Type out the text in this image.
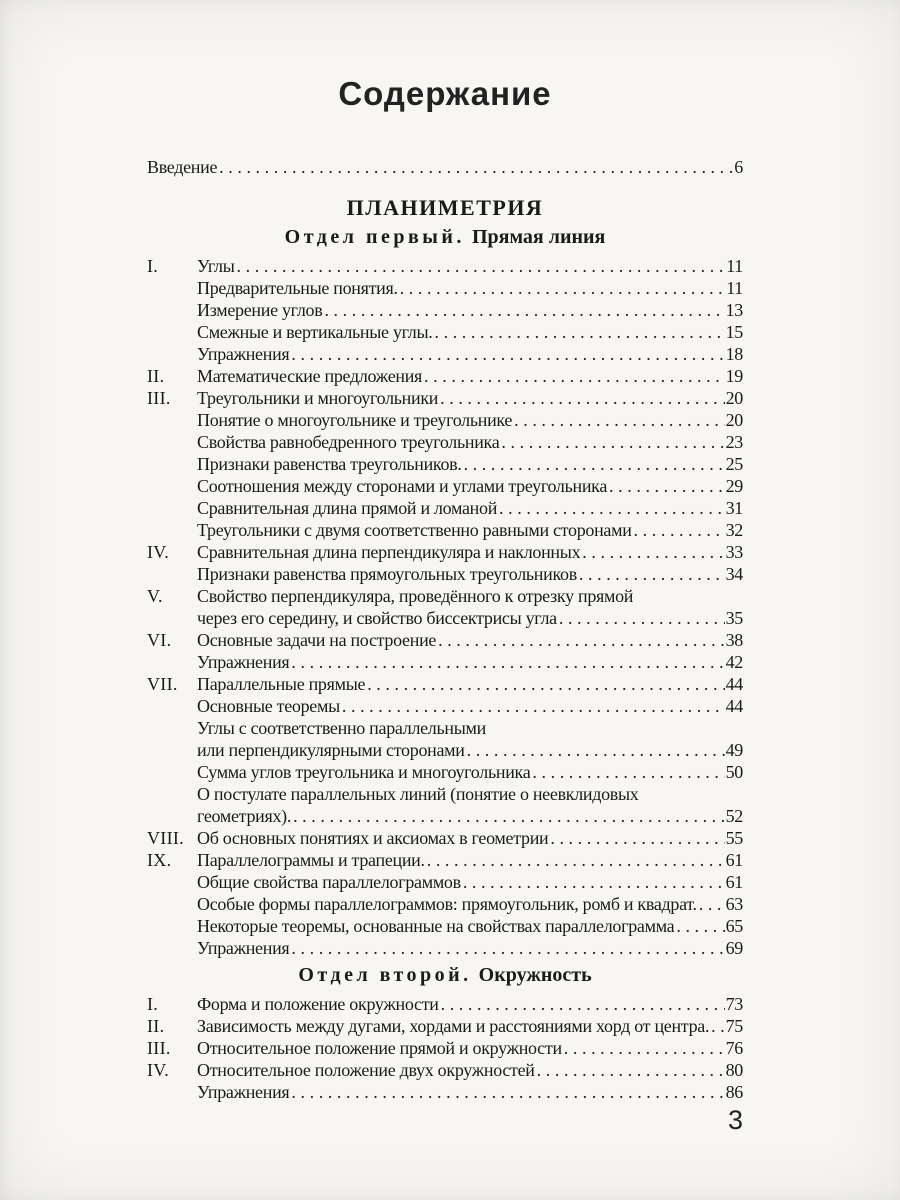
Содержание
Введение .....	6
ПЛАНИМЕТРИЯ
Отдел первый. Прямая линия
I.	Углы .....	11
Предварительные понятия. .....	11
Измерение углов .....	13
Смежные и вертикальные углы. .....	15
Упражнения .....	18
II.	Математические предложения .....	19
III.	Треугольники и многоугольники .....	20
Понятие о многоугольнике и треугольнике .....	20
Свойства равнобедренного треугольника .....	23
Признаки равенства треугольников. .....	25
Соотношения между сторонами и углами треугольника .....	29
Сравнительная длина прямой и ломаной .....	31
Треугольники с двумя соответственно равными сторонами .....	32
IV.	Сравнительная длина перпендикуляра и наклонных .....	33
Признаки равенства прямоугольных треугольников .....	34
V.	Свойство перпендикуляра, проведённого к отрезку прямой
через его середину, и свойство биссектрисы угла .....	35
VI.	Основные задачи на построение .....	38
Упражнения .....	42
VII.	Параллельные прямые .....	44
Основные теоремы .....	44
Углы с соответственно параллельными
или перпендикулярными сторонами .....	49
Сумма углов треугольника и многоугольника .....	50
О постулате параллельных линий (понятие о неевклидовых
геометриях). .....	52
VIII. Об основных понятиях и аксиомах в геометрии .....	55
IX.	Параллелограммы и трапеции. .....	61
Общие свойства параллелограммов .....	61
Особые формы параллелограммов: прямоугольник, ромб и квадрат. ..... 63
Некоторые теоремы, основанные на свойствах параллелограмма .....	65
Упражнения .....	69
Отдел второй. Окружность
I.	Форма и положение окружности .....	73
II.	Зависимость между дугами, хордами и расстояниями хорд от центра. ..... 75
III.	Относительное положение прямой и окружности .....	76
IV.	Относительное положение двух окружностей .....	80
Упражнения .....	86
3
